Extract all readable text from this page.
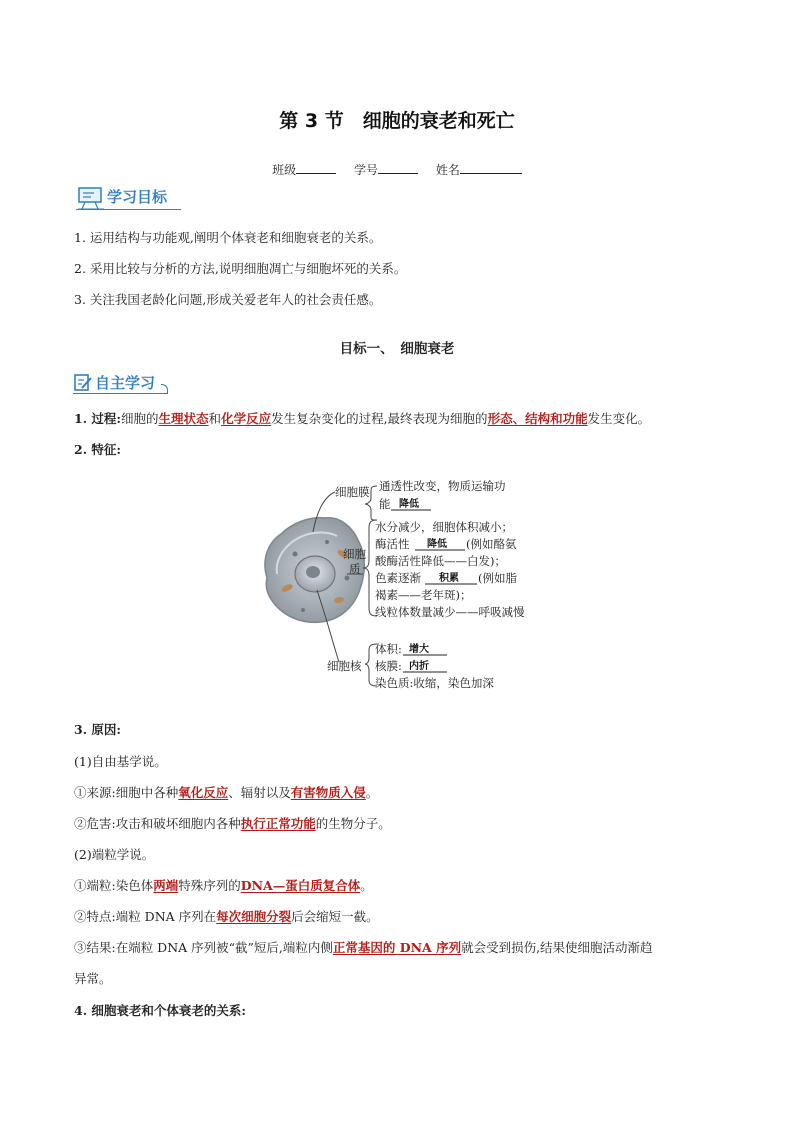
第 3 节　细胞的衰老和死亡
班级	学号	姓名
学习目标
1. 运用结构与功能观,阐明个体衰老和细胞衰老的关系。
2. 采用比较与分析的方法,说明细胞凋亡与细胞坏死的关系。
3. 关注我国老龄化问题,形成关爱老年人的社会责任感。
目标一、　细胞衰老
自主学习
1. 过程:细胞的生理状态和化学反应发生复杂变化的过程,最终表现为细胞的形态、结构和功能发生变化。
2. 特征:
细胞膜 通透性改变，物质运输功
能 降低
细胞
质
水分减少，细胞体积减小；
酶活性 降低 (例如酪氨
酸酶活性降低——白发)；
色素逐渐 积累 (例如脂
褐素——老年斑)；
线粒体数量减少——呼吸减慢
细胞核
体积: 增大
核膜: 内折
染色质:收缩，染色加深
3. 原因:
(1)自由基学说。
①来源:细胞中各种氧化反应、辐射以及有害物质入侵。
②危害:攻击和破坏细胞内各种执行正常功能的生物分子。
(2)端粒学说。
①端粒:染色体两端特殊序列的DNA—蛋白质复合体。
②特点:端粒 DNA 序列在每次细胞分裂后会缩短一截。
③结果:在端粒 DNA 序列被“截”短后,端粒内侧正常基因的 DNA 序列就会受到损伤,结果使细胞活动渐趋
异常。
4. 细胞衰老和个体衰老的关系:
